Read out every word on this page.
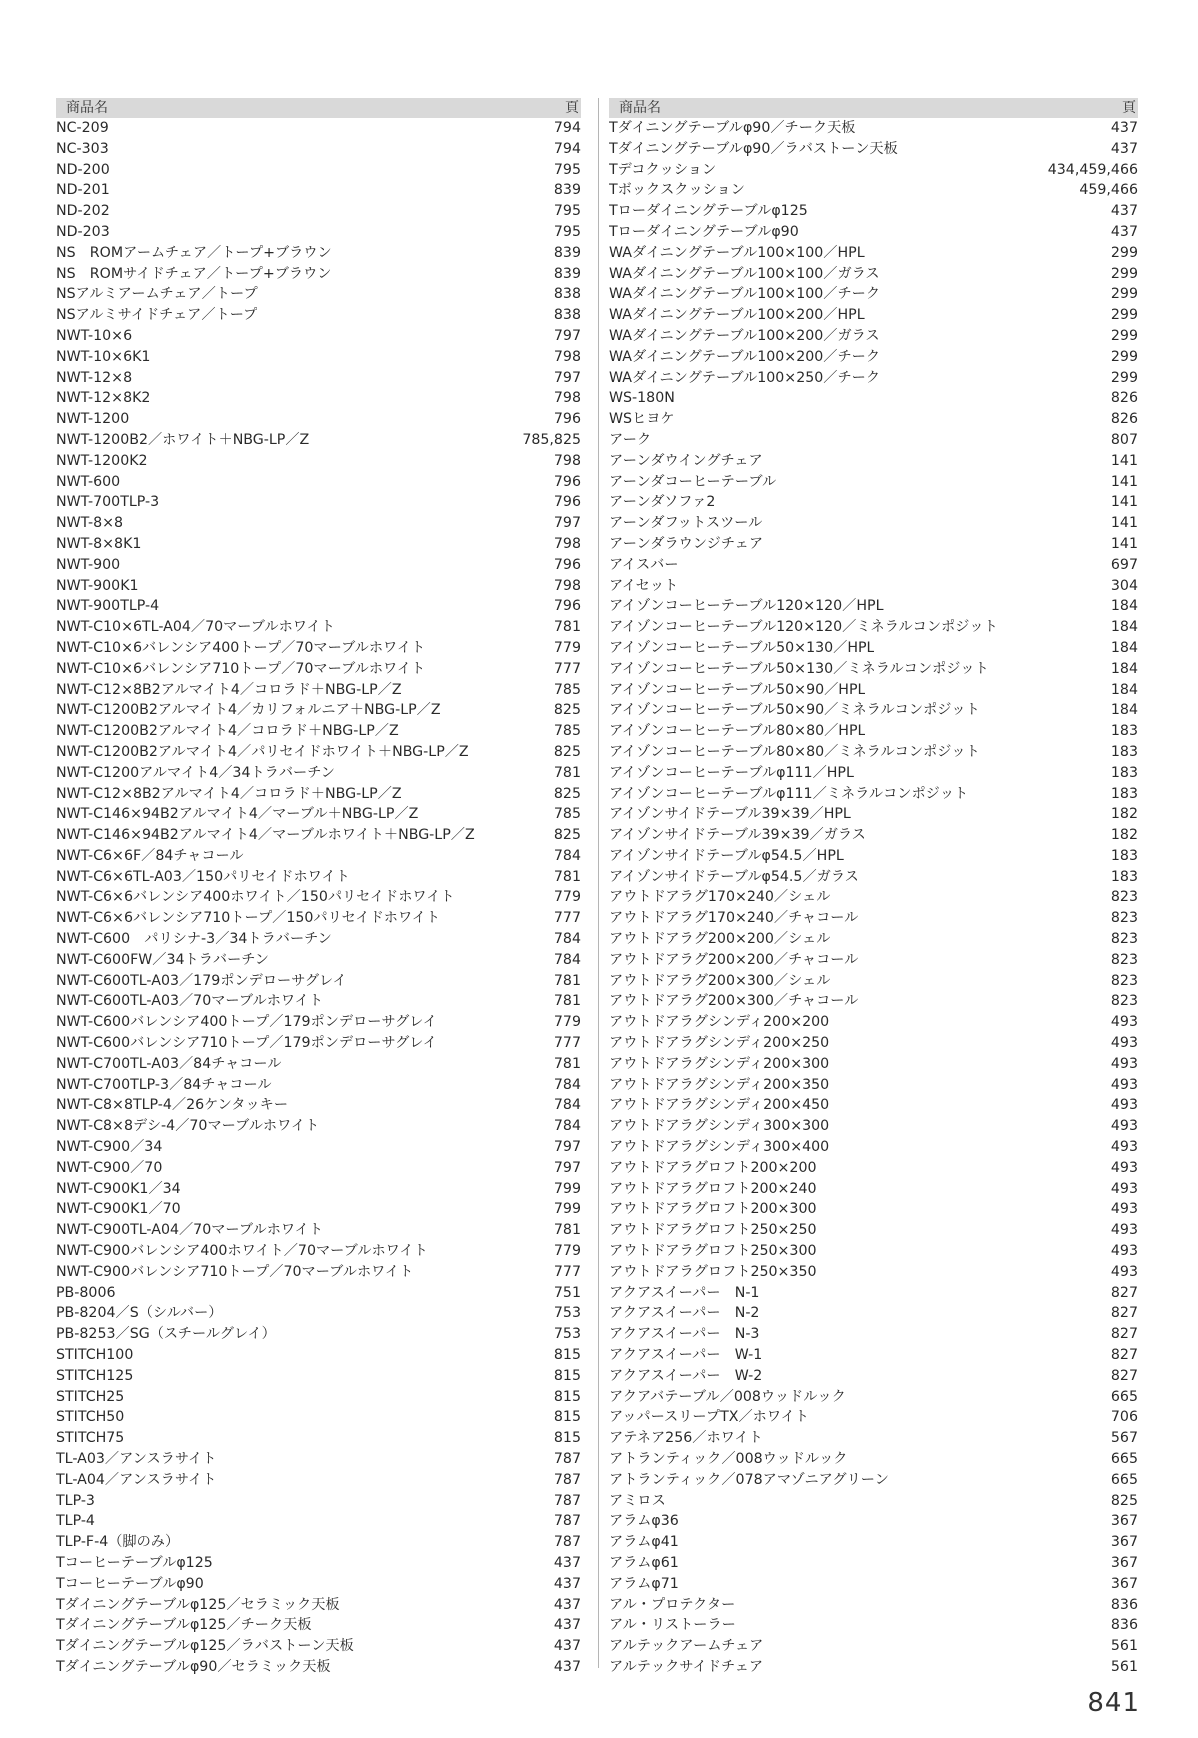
商品名	頁
NC-209	794
NC-303	794
ND-200	795
ND-201	839
ND-202	795
ND-203	795
NS　ROMアームチェア／トープ+ブラウン	839
NS　ROMサイドチェア／トープ+ブラウン	839
NSアルミアームチェア／トープ	838
NSアルミサイドチェア／トープ	838
NWT-10×6	797
NWT-10×6K1	798
NWT-12×8	797
NWT-12×8K2	798
NWT-1200	796
NWT-1200B2／ホワイト＋NBG-LP／Z	785,825
NWT-1200K2	798
NWT-600	796
NWT-700TLP-3	796
NWT-8×8	797
NWT-8×8K1	798
NWT-900	796
NWT-900K1	798
NWT-900TLP-4	796
NWT-C10×6TL-A04／70マーブルホワイト	781
NWT-C10×6バレンシア400トープ／70マーブルホワイト	779
NWT-C10×6バレンシア710トープ／70マーブルホワイト	777
NWT-C12×8B2アルマイト4／コロラド＋NBG-LP／Z	785
NWT-C1200B2アルマイト4／カリフォルニア＋NBG-LP／Z	825
NWT-C1200B2アルマイト4／コロラド＋NBG-LP／Z	785
NWT-C1200B2アルマイト4／パリセイドホワイト＋NBG-LP／Z	825
NWT-C1200アルマイト4／34トラバーチン	781
NWT-C12×8B2アルマイト4／コロラド＋NBG-LP／Z	825
NWT-C146×94B2アルマイト4／マーブル＋NBG-LP／Z	785
NWT-C146×94B2アルマイト4／マーブルホワイト＋NBG-LP／Z	825
NWT-C6×6F／84チャコール	784
NWT-C6×6TL-A03／150パリセイドホワイト	781
NWT-C6×6バレンシア400ホワイト／150パリセイドホワイト	779
NWT-C6×6バレンシア710トープ／150パリセイドホワイト	777
NWT-C600　パリシナ-3／34トラバーチン	784
NWT-C600FW／34トラバーチン	784
NWT-C600TL-A03／179ポンデローサグレイ	781
NWT-C600TL-A03／70マーブルホワイト	781
NWT-C600バレンシア400トープ／179ポンデローサグレイ	779
NWT-C600バレンシア710トープ／179ポンデローサグレイ	777
NWT-C700TL-A03／84チャコール	781
NWT-C700TLP-3／84チャコール	784
NWT-C8×8TLP-4／26ケンタッキー	784
NWT-C8×8デシ-4／70マーブルホワイト	784
NWT-C900／34	797
NWT-C900／70	797
NWT-C900K1／34	799
NWT-C900K1／70	799
NWT-C900TL-A04／70マーブルホワイト	781
NWT-C900バレンシア400ホワイト／70マーブルホワイト	779
NWT-C900バレンシア710トープ／70マーブルホワイト	777
PB-8006	751
PB-8204／S（シルバー）	753
PB-8253／SG（スチールグレイ）	753
STITCH100	815
STITCH125	815
STITCH25	815
STITCH50	815
STITCH75	815
TL-A03／アンスラサイト	787
TL-A04／アンスラサイト	787
TLP-3	787
TLP-4	787
TLP-F-4（脚のみ）	787
Tコーヒーテーブルφ125	437
Tコーヒーテーブルφ90	437
Tダイニングテーブルφ125／セラミック天板	437
Tダイニングテーブルφ125／チーク天板	437
Tダイニングテーブルφ125／ラバストーン天板	437
Tダイニングテーブルφ90／セラミック天板	437
商品名	頁
Tダイニングテーブルφ90／チーク天板	437
Tダイニングテーブルφ90／ラバストーン天板	437
Tデコクッション	434,459,466
Tボックスクッション	459,466
Tローダイニングテーブルφ125	437
Tローダイニングテーブルφ90	437
WAダイニングテーブル100×100／HPL	299
WAダイニングテーブル100×100／ガラス	299
WAダイニングテーブル100×100／チーク	299
WAダイニングテーブル100×200／HPL	299
WAダイニングテーブル100×200／ガラス	299
WAダイニングテーブル100×200／チーク	299
WAダイニングテーブル100×250／チーク	299
WS-180N	826
WSヒヨケ	826
アーク	807
アーンダウイングチェア	141
アーンダコーヒーテーブル	141
アーンダソファ2	141
アーンダフットスツール	141
アーンダラウンジチェア	141
アイスバー	697
アイセット	304
アイゾンコーヒーテーブル120×120／HPL	184
アイゾンコーヒーテーブル120×120／ミネラルコンポジット	184
アイゾンコーヒーテーブル50×130／HPL	184
アイゾンコーヒーテーブル50×130／ミネラルコンポジット	184
アイゾンコーヒーテーブル50×90／HPL	184
アイゾンコーヒーテーブル50×90／ミネラルコンポジット	184
アイゾンコーヒーテーブル80×80／HPL	183
アイゾンコーヒーテーブル80×80／ミネラルコンポジット	183
アイゾンコーヒーテーブルφ111／HPL	183
アイゾンコーヒーテーブルφ111／ミネラルコンポジット	183
アイゾンサイドテーブル39×39／HPL	182
アイゾンサイドテーブル39×39／ガラス	182
アイゾンサイドテーブルφ54.5／HPL	183
アイゾンサイドテーブルφ54.5／ガラス	183
アウトドアラグ170×240／シェル	823
アウトドアラグ170×240／チャコール	823
アウトドアラグ200×200／シェル	823
アウトドアラグ200×200／チャコール	823
アウトドアラグ200×300／シェル	823
アウトドアラグ200×300／チャコール	823
アウトドアラグシンディ200×200	493
アウトドアラグシンディ200×250	493
アウトドアラグシンディ200×300	493
アウトドアラグシンディ200×350	493
アウトドアラグシンディ200×450	493
アウトドアラグシンディ300×300	493
アウトドアラグシンディ300×400	493
アウトドアラグロフト200×200	493
アウトドアラグロフト200×240	493
アウトドアラグロフト200×300	493
アウトドアラグロフト250×250	493
アウトドアラグロフト250×300	493
アウトドアラグロフト250×350	493
アクアスイーパー　N-1	827
アクアスイーパー　N-2	827
アクアスイーパー　N-3	827
アクアスイーパー　W-1	827
アクアスイーパー　W-2	827
アクアバテーブル／008ウッドルック	665
アッパースリープTX／ホワイト	706
アテネア256／ホワイト	567
アトランティック／008ウッドルック	665
アトランティック／078アマゾニアグリーン	665
アミロス	825
アラムφ36	367
アラムφ41	367
アラムφ61	367
アラムφ71	367
アル・プロテクター	836
アル・リストーラー	836
アルテックアームチェア	561
アルテックサイドチェア	561
841
